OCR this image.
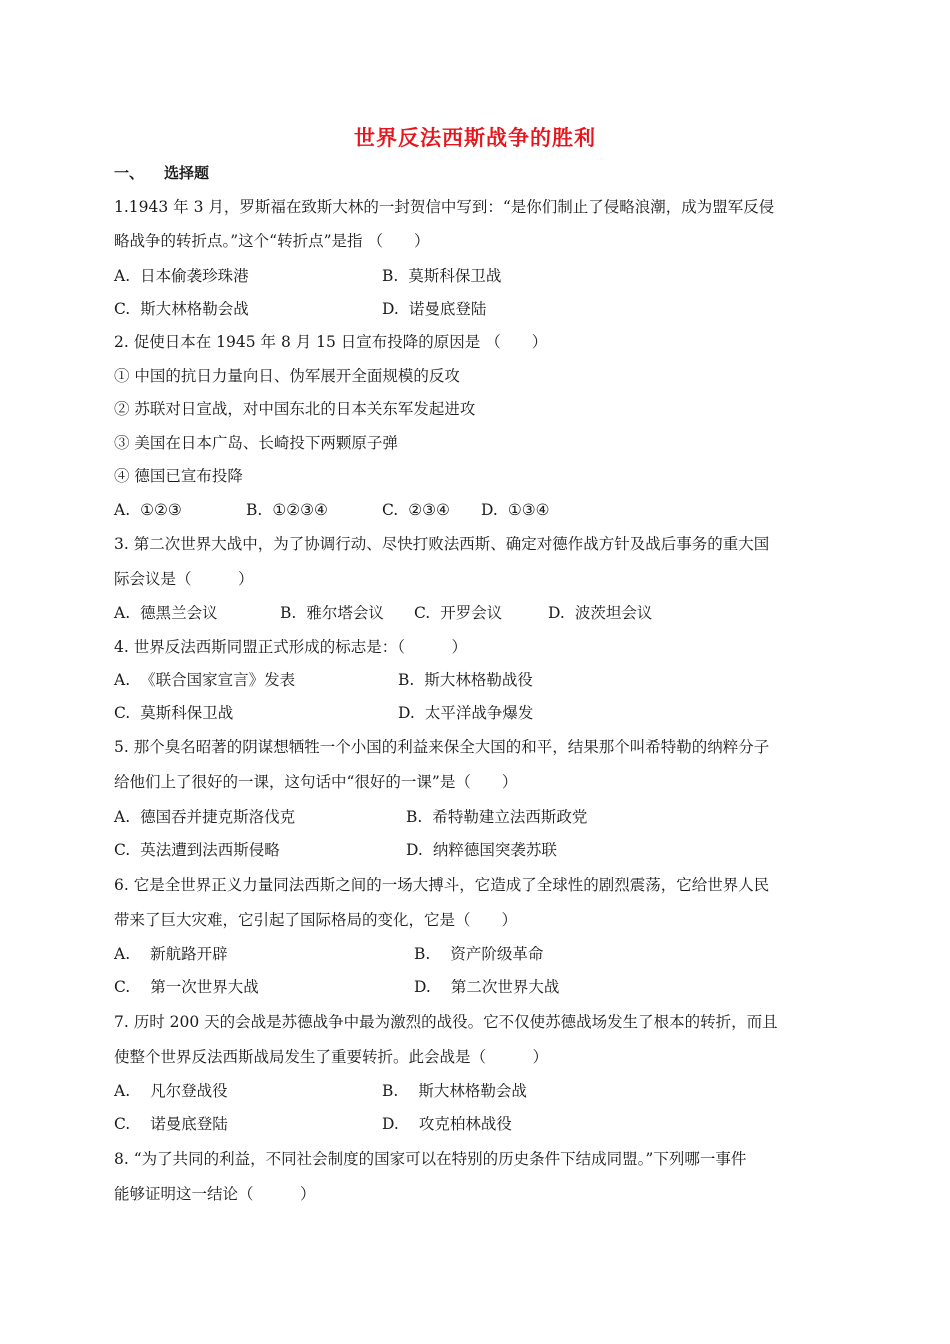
世界反法西斯战争的胜利
一、 选择题
1.1943 年 3 月，罗斯福在致斯大林的一封贺信中写到：“是你们制止了侵略浪潮，成为盟军反侵
略战争的转折点。”这个“转折点”是指 （　　）
A. 日本偷袭珍珠港	B. 莫斯科保卫战
C. 斯大林格勒会战	D. 诺曼底登陆
2. 促使日本在 1945 年 8 月 15 日宣布投降的原因是 （　　）
① 中国的抗日力量向日、伪军展开全面规模的反攻
② 苏联对日宣战，对中国东北的日本关东军发起进攻
③ 美国在日本广岛、长崎投下两颗原子弹
④ 德国已宣布投降
A. ①②③	B. ①②③④	C. ②③④ D. ①③④
3. 第二次世界大战中，为了协调行动、尽快打败法西斯、确定对德作战方针及战后事务的重大国
际会议是（　　　）
A. 德黑兰会议	B. 雅尔塔会议 C. 开罗会议	D. 波茨坦会议
4. 世界反法西斯同盟正式形成的标志是：（　　　）
A. 《联合国家宣言》发表	B. 斯大林格勒战役
C. 莫斯科保卫战	D. 太平洋战争爆发
5. 那个臭名昭著的阴谋想牺牲一个小国的利益来保全大国的和平，结果那个叫希特勒的纳粹分子
给他们上了很好的一课，这句话中“很好的一课”是（　　）
A. 德国吞并捷克斯洛伐克	B. 希特勒建立法西斯政党
C. 英法遭到法西斯侵略	D. 纳粹德国突袭苏联
6. 它是全世界正义力量同法西斯之间的一场大搏斗，它造成了全球性的剧烈震荡，它给世界人民
带来了巨大灾难，它引起了国际格局的变化，它是（　　）
A. 新航路开辟	B. 资产阶级革命
C. 第一次世界大战	D. 第二次世界大战
7. 历时 200 天的会战是苏德战争中最为激烈的战役。它不仅使苏德战场发生了根本的转折，而且
使整个世界反法西斯战局发生了重要转折。此会战是（　　　）
A. 凡尔登战役	B. 斯大林格勒会战
C. 诺曼底登陆	D. 攻克柏林战役
8. “为了共同的利益，不同社会制度的国家可以在特别的历史条件下结成同盟。”下列哪一事件
能够证明这一结论（　　　）
